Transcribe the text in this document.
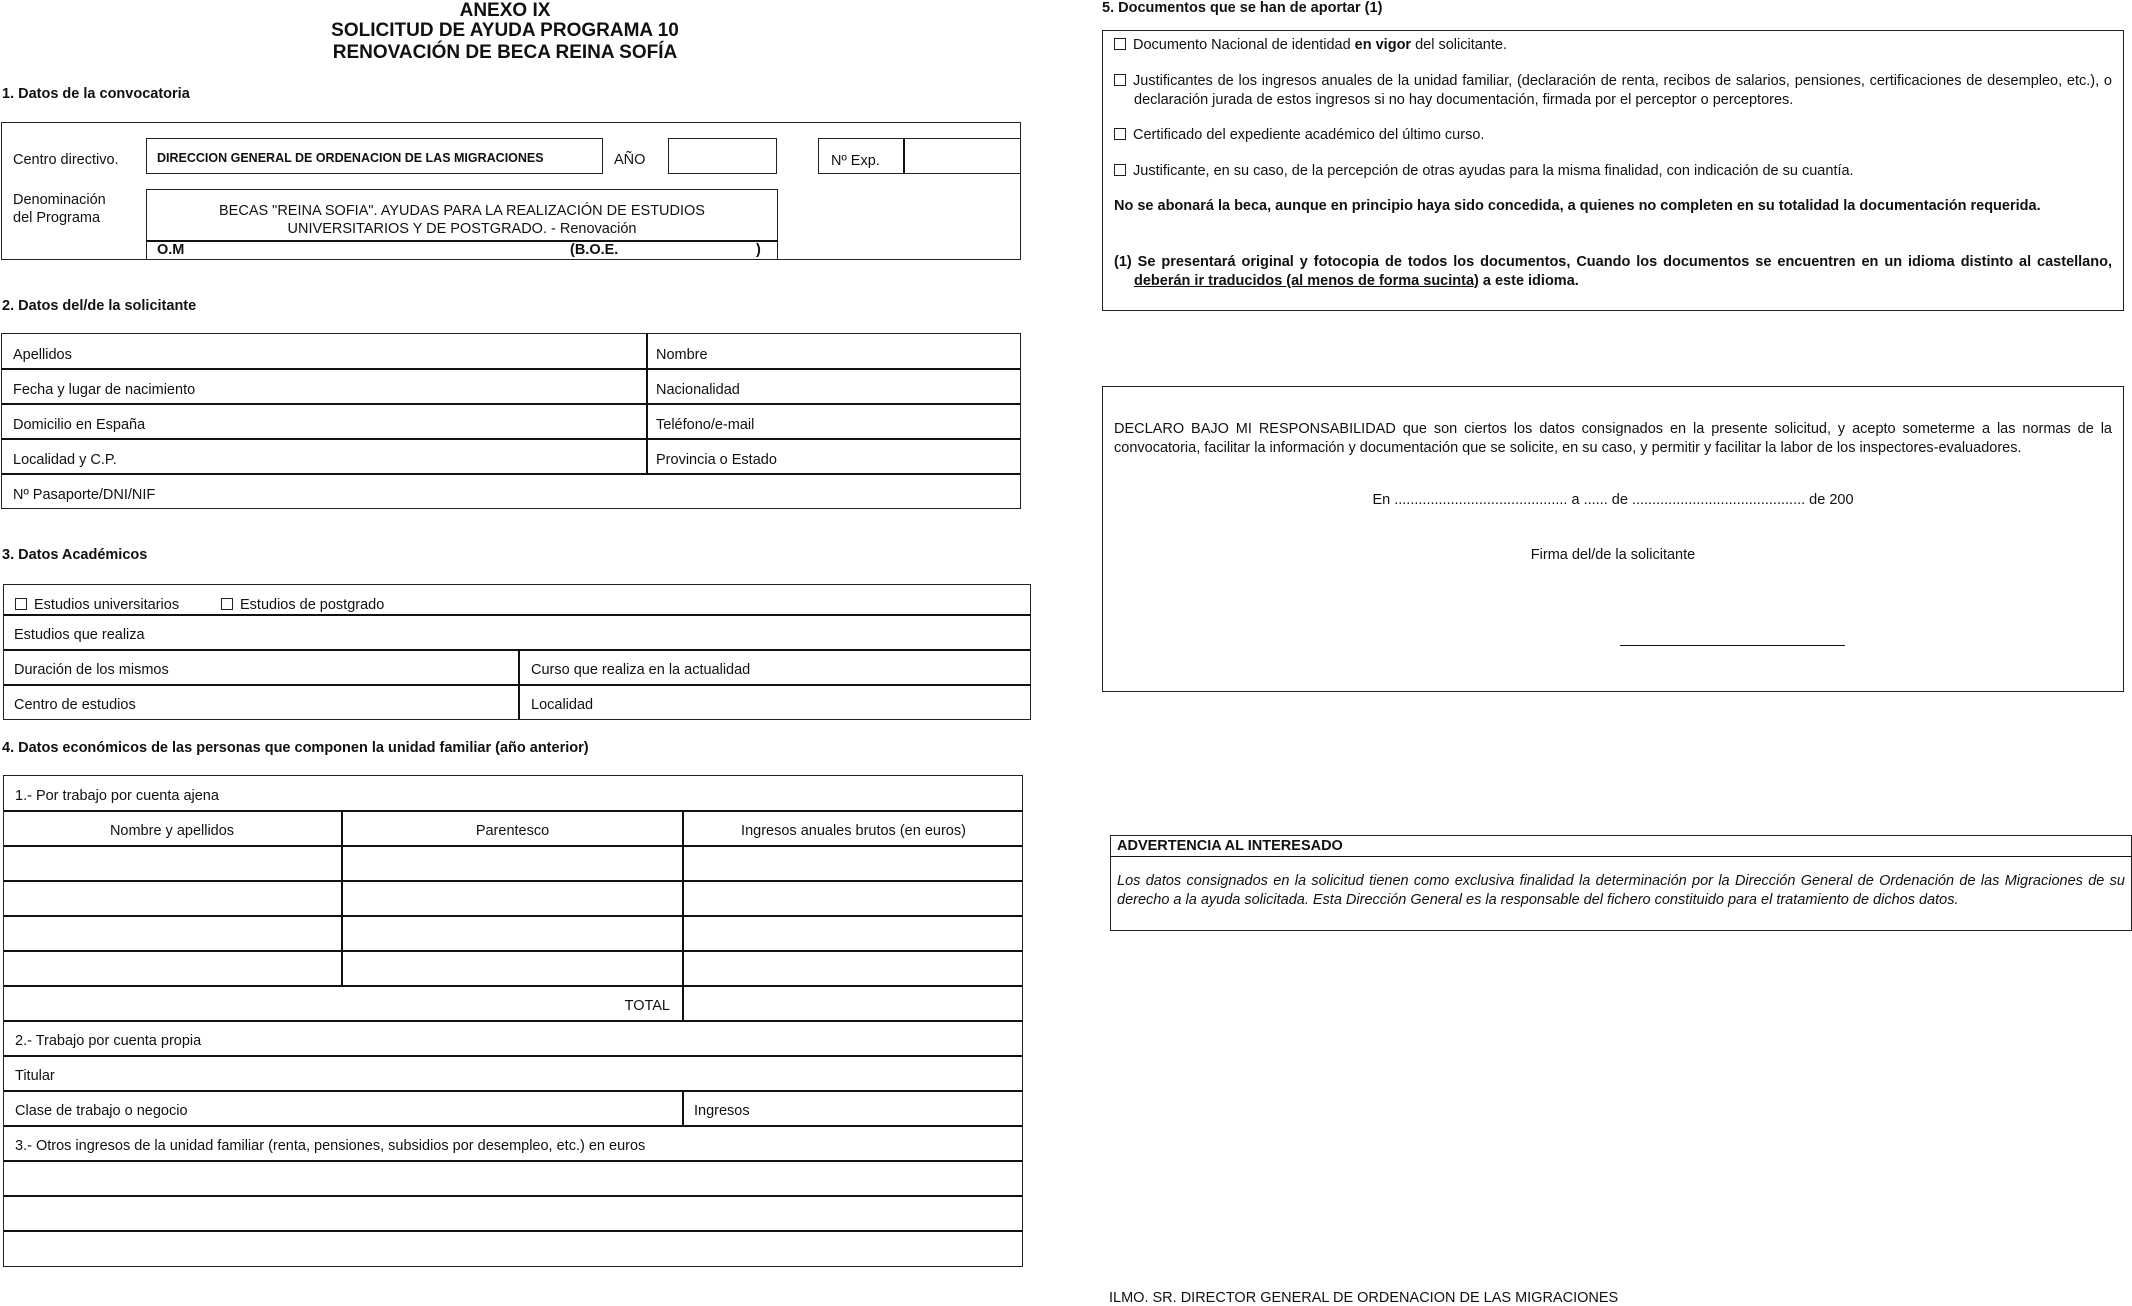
ANEXO IX
SOLICITUD DE AYUDA PROGRAMA 10
RENOVACIÓN DE BECA REINA SOFÍA
1. Datos de la convocatoria
Centro directivo.	DIRECCION GENERAL DE ORDENACION DE LAS MIGRACIONES	AÑO	Nº Exp.
Denominación
del Programa	BECAS "REINA SOFIA". AYUDAS PARA LA REALIZACIÓN DE ESTUDIOS
UNIVERSITARIOS Y DE POSTGRADO. - Renovación
O.M	(B.O.E.	)
2. Datos del/de la solicitante
Apellidos	Nombre
Fecha y lugar de nacimiento	Nacionalidad
Domicilio en España	Teléfono/e-mail
Localidad y C.P.	Provincia o Estado
Nº Pasaporte/DNI/NIF
3. Datos Académicos
Estudios universitarios	Estudios de postgrado
Estudios que realiza
Duración de los mismos	Curso que realiza en la actualidad
Centro de estudios	Localidad
4. Datos económicos de las personas que componen la unidad familiar (año anterior)
1.- Por trabajo por cuenta ajena
Nombre y apellidos	Parentesco	Ingresos anuales brutos (en euros)
TOTAL
2.- Trabajo por cuenta propia
Titular
Clase de trabajo o negocio	Ingresos
3.- Otros ingresos de la unidad familiar (renta, pensiones, subsidios por desempleo, etc.) en euros
5. Documentos que se han de aportar (1)
Documento Nacional de identidad en vigor del solicitante.
Justificantes de los ingresos anuales de la unidad familiar, (declaración de renta, recibos de salarios, pensiones, certificaciones de desempleo, etc.), o declaración jurada de estos ingresos si no hay documentación, firmada por el perceptor o perceptores.
Certificado del expediente académico del último curso.
Justificante, en su caso, de la percepción de otras ayudas para la misma finalidad, con indicación de su cuantía.
No se abonará la beca, aunque en principio haya sido concedida, a quienes no completen en su totalidad la documentación requerida.
(1) Se presentará original y fotocopia de todos los documentos, Cuando los documentos se encuentren en un idioma distinto al castellano, deberán ir traducidos (al menos de forma sucinta) a este idioma.
DECLARO BAJO MI RESPONSABILIDAD que son ciertos los datos consignados en la presente solicitud, y acepto someterme a las normas de la convocatoria, facilitar la información y documentación que se solicite, en su caso, y permitir y facilitar la labor de los inspectores-evaluadores.
En ........................................... a ...... de ........................................... de 200
Firma del/de la solicitante
ADVERTENCIA AL INTERESADO
Los datos consignados en la solicitud tienen como exclusiva finalidad la determinación por la Dirección General de Ordenación de las Migraciones de su derecho a la ayuda solicitada. Esta Dirección General es la responsable del fichero constituido para el tratamiento de dichos datos.
ILMO. SR. DIRECTOR GENERAL DE ORDENACION DE LAS MIGRACIONES
